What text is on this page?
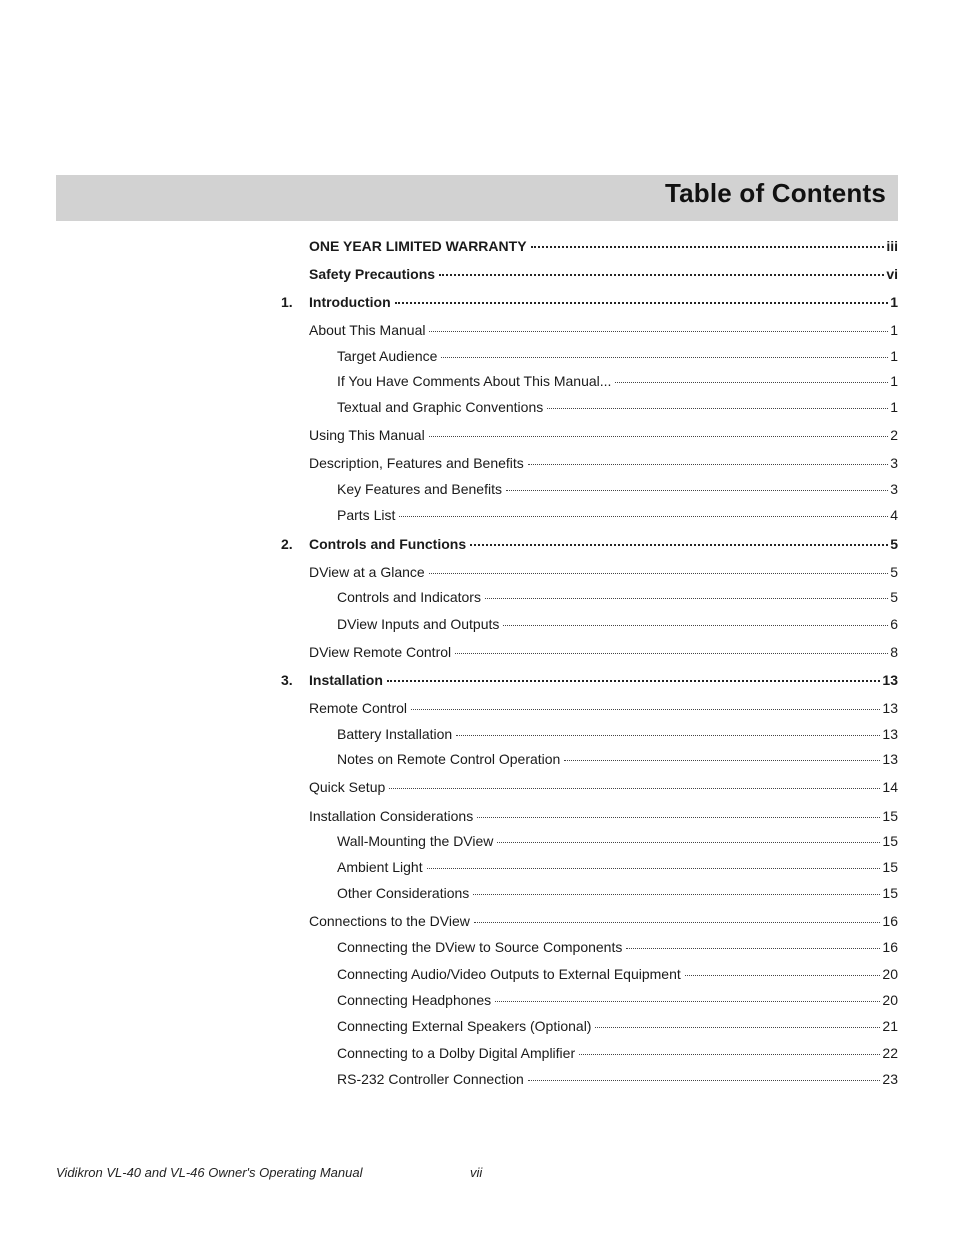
Table of Contents
ONE YEAR LIMITED WARRANTY	iii
Safety Precautions	vi
1.	Introduction	1
About This Manual	1
Target Audience	1
If You Have Comments About This Manual...	1
Textual and Graphic Conventions	1
Using This Manual	2
Description, Features and Benefits	3
Key Features and Benefits	3
Parts List	4
2.	Controls and Functions	5
DView at a Glance	5
Controls and Indicators	5
DView Inputs and Outputs	6
DView Remote Control	8
3.	Installation	13
Remote Control	13
Battery Installation	13
Notes on Remote Control Operation	13
Quick Setup	14
Installation Considerations	15
Wall-Mounting the DView	15
Ambient Light	15
Other Considerations	15
Connections to the DView	16
Connecting the DView to Source Components	16
Connecting Audio/Video Outputs to External Equipment	20
Connecting Headphones	20
Connecting External Speakers (Optional)	21
Connecting to a Dolby Digital Amplifier	22
RS-232 Controller Connection	23
Vidikron VL-40 and VL-46 Owner's Operating Manual	vii
